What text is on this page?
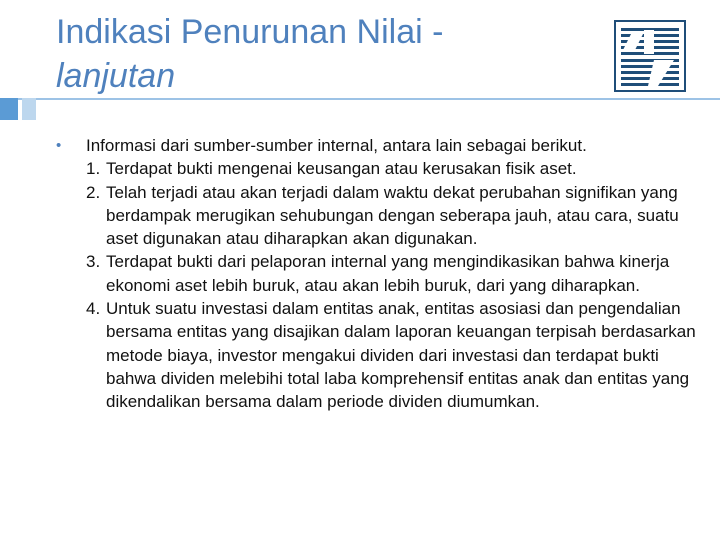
Indikasi Penurunan Nilai -
lanjutan
• Informasi dari sumber-sumber internal, antara lain sebagai berikut.
1. Terdapat bukti mengenai keusangan atau kerusakan fisik aset.
2. Telah terjadi atau akan terjadi dalam waktu dekat perubahan signifikan yang berdampak merugikan sehubungan dengan seberapa jauh, atau cara, suatu aset digunakan atau diharapkan akan digunakan.
3. Terdapat bukti dari pelaporan internal yang mengindikasikan bahwa kinerja ekonomi aset lebih buruk, atau akan lebih buruk, dari yang diharapkan.
4. Untuk suatu investasi dalam entitas anak, entitas asosiasi dan pengendalian bersama entitas yang disajikan dalam laporan keuangan terpisah berdasarkan metode biaya, investor mengakui dividen dari investasi dan terdapat bukti bahwa dividen melebihi total laba komprehensif entitas anak dan entitas yang dikendalikan bersama dalam periode dividen diumumkan.
